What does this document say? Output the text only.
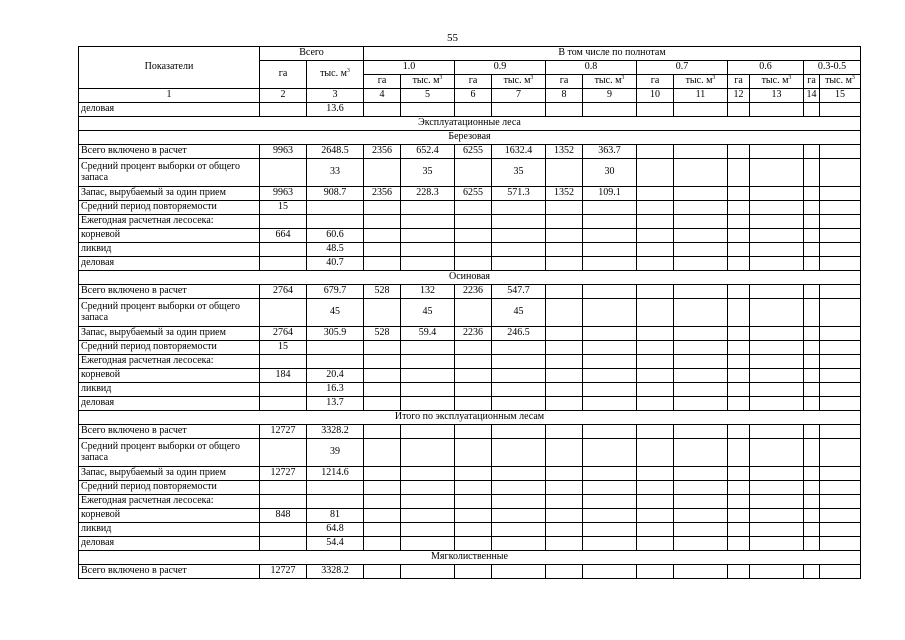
55
Показатели	Всего		В том числе по полнотам											
	га	тыс. $м^3$	1.0		0.9		0.8		0.7		0.6		0.3-0.5	
			га	тыс. $м^3$	га	тыс. $м^3$	га	тыс. $м^3$	га	тыс. $м^3$	га	тыс. $м^3$	га	тыс. $м^3$
1	2	3	4	5	6	7	8	9	10	11	12	13	14	15
деловая		13.6												
Эксплуатационные леса														
Березовая														
Всего включено в расчет	9963	2648.5	2356	652.4	6255	1632.4	1352	363.7						
Средний процент выборки от общего запаса		33		35		35		30						
Запас, вырубаемый за один прием	9963	908.7	2356	228.3	6255	571.3	1352	109.1						
Средний период повторяемости	15													
Ежегодная расчетная лесосека:														
корневой	664	60.6												
ликвид		48.5												
деловая		40.7												
Осиновая														
Всего включено в расчет	2764	679.7	528	132	2236	547.7								
Средний процент выборки от общего запаса		45		45		45								
Запас, вырубаемый за один прием	2764	305.9	528	59.4	2236	246.5								
Средний период повторяемости	15													
Ежегодная расчетная лесосека:														
корневой	184	20.4												
ликвид		16.3												
деловая		13.7												
Итого по эксплуатационным лесам														
Всего включено в расчет	12727	3328.2												
Средний процент выборки от общего запаса		39												
Запас, вырубаемый за один прием	12727	1214.6												
Средний период повторяемости														
Ежегодная расчетная лесосека:														
корневой	848	81												
ликвид		64.8												
деловая		54.4												
Мягколиственные														
Всего включено в расчет	12727	3328.2												
